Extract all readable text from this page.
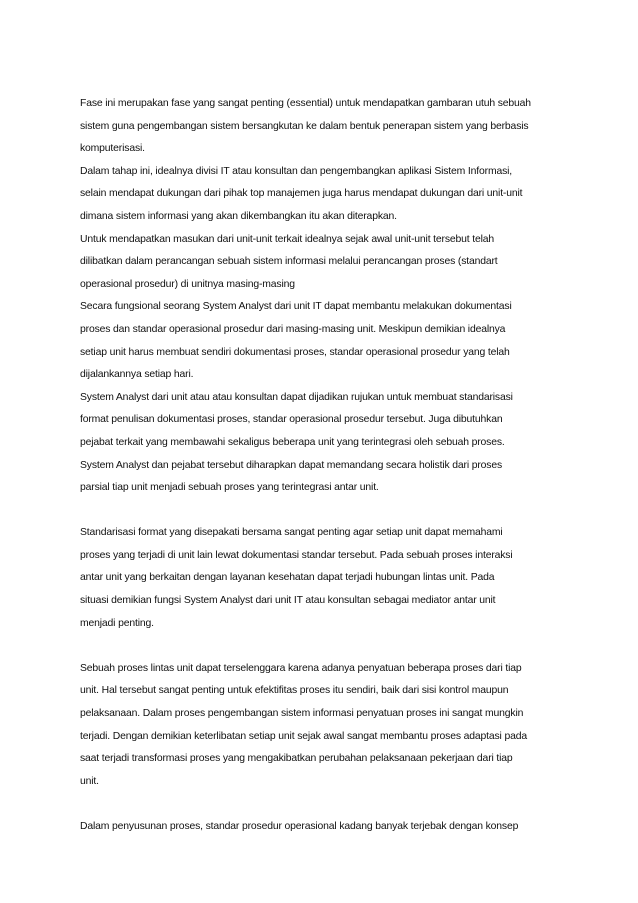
Fase ini merupakan fase yang sangat penting (essential) untuk mendapatkan gambaran utuh sebuah
sistem guna pengembangan sistem bersangkutan ke dalam bentuk penerapan sistem yang berbasis
komputerisasi.
Dalam tahap ini, idealnya divisi IT atau konsultan dan pengembangkan aplikasi Sistem Informasi,
selain mendapat dukungan dari pihak top manajemen juga harus mendapat dukungan dari unit-unit
dimana sistem informasi yang akan dikembangkan itu akan diterapkan.
Untuk mendapatkan masukan dari unit-unit terkait idealnya sejak awal unit-unit tersebut telah
dilibatkan dalam perancangan sebuah sistem informasi melalui perancangan proses (standart
operasional prosedur) di unitnya masing-masing
Secara fungsional seorang System Analyst dari unit IT dapat membantu melakukan dokumentasi
proses dan standar operasional prosedur dari masing-masing unit. Meskipun demikian idealnya
setiap unit harus membuat sendiri dokumentasi proses, standar operasional prosedur yang telah
dijalankannya setiap hari.
System Analyst dari unit atau atau konsultan dapat dijadikan rujukan untuk membuat standarisasi
format penulisan dokumentasi proses, standar operasional prosedur tersebut. Juga dibutuhkan
pejabat terkait yang membawahi sekaligus beberapa unit yang terintegrasi oleh sebuah proses.
System Analyst dan pejabat tersebut diharapkan dapat memandang secara holistik dari proses
parsial tiap unit menjadi sebuah proses yang terintegrasi antar unit.
Standarisasi format yang disepakati bersama sangat penting agar setiap unit dapat memahami
proses yang terjadi di unit lain lewat dokumentasi standar tersebut. Pada sebuah proses interaksi
antar unit yang berkaitan dengan layanan kesehatan dapat terjadi hubungan lintas unit. Pada
situasi demikian fungsi System Analyst dari unit IT atau konsultan sebagai mediator antar unit
menjadi penting.
Sebuah proses lintas unit dapat terselenggara karena adanya penyatuan beberapa proses dari tiap
unit. Hal tersebut sangat penting untuk efektifitas proses itu sendiri, baik dari sisi kontrol maupun
pelaksanaan. Dalam proses pengembangan sistem informasi penyatuan proses ini sangat mungkin
terjadi. Dengan demikian keterlibatan setiap unit sejak awal sangat membantu proses adaptasi pada
saat terjadi transformasi proses yang mengakibatkan perubahan pelaksanaan pekerjaan dari tiap
unit.
Dalam penyusunan proses, standar prosedur operasional kadang banyak terjebak dengan konsep
